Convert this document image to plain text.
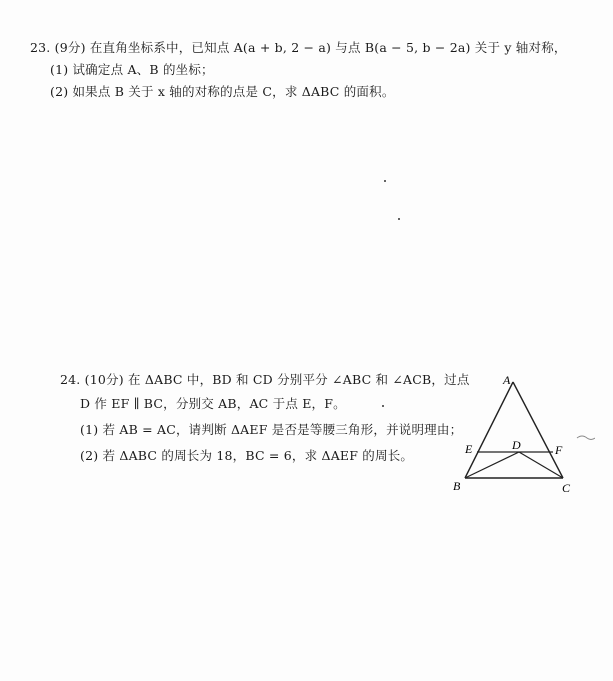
23. (9分) 在直角坐标系中，已知点 A(a + b, 2 − a) 与点 B(a − 5, b − 2a) 关于 y 轴对称，
(1) 试确定点 A、B 的坐标；
(2) 如果点 B 关于 x 轴的对称的点是 C，求 ΔABC 的面积。
24. (10分) 在 ΔABC 中，BD 和 CD 分别平分 ∠ABC 和 ∠ACB，过点
D 作 EF ∥ BC，分别交 AB，AC 于点 E，F。
(1) 若 AB = AC，请判断 ΔAEF 是否是等腰三角形，并说明理由；
(2) 若 ΔABC 的周长为 18，BC = 6，求 ΔAEF 的周长。
A
B	C
D
E	F
